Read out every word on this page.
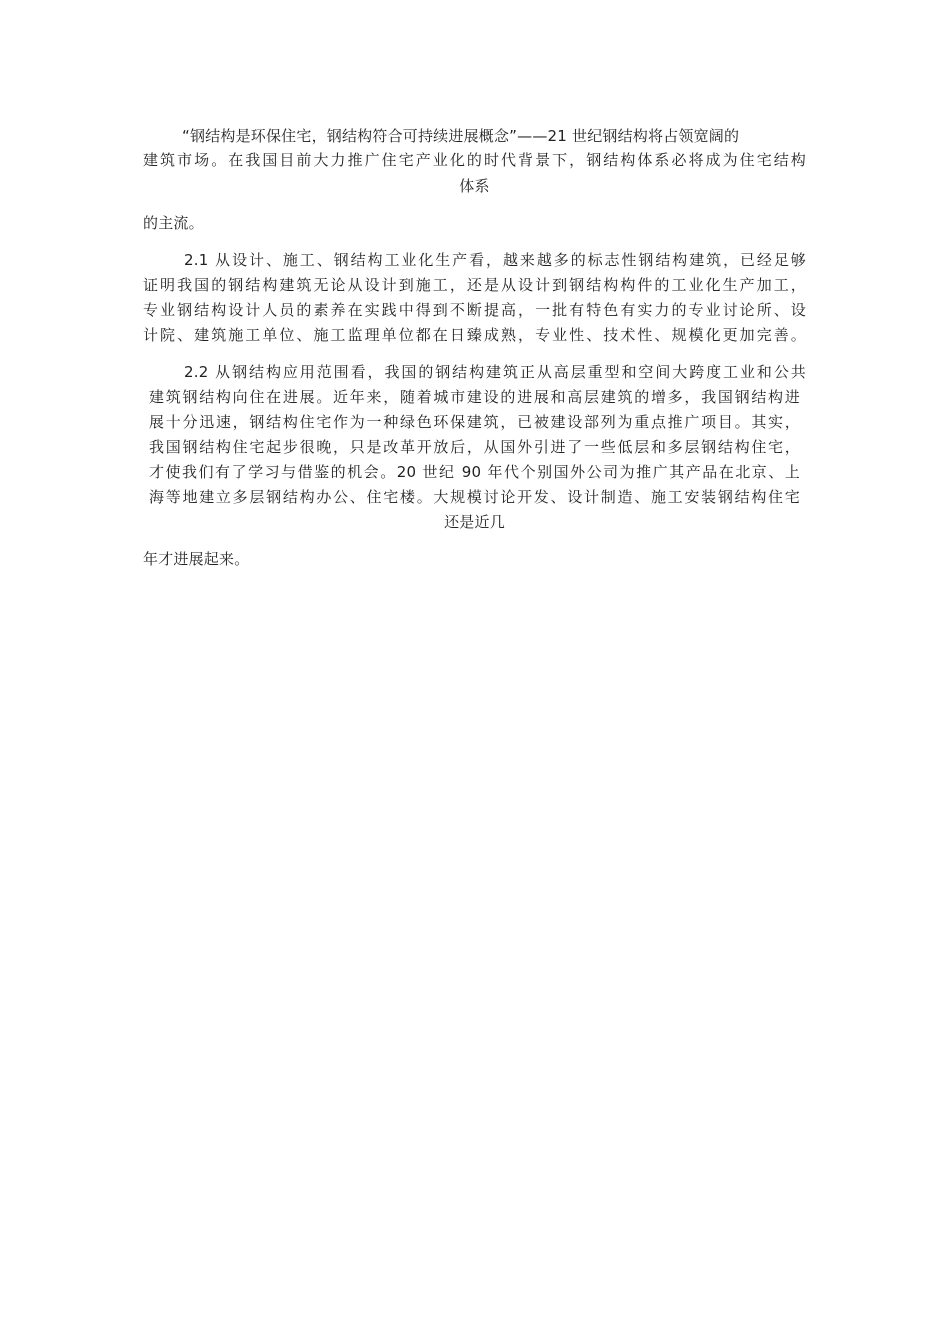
“钢结构是环保住宅，钢结构符合可持续进展概念”——21 世纪钢结构将占领宽阔的
建筑市场。在我国目前大力推广住宅产业化的时代背景下，钢结构体系必将成为住宅结构
体系
的主流。
2.1 从设计、施工、钢结构工业化生产看，越来越多的标志性钢结构建筑，已经足够
证明我国的钢结构建筑无论从设计到施工，还是从设计到钢结构构件的工业化生产加工，
专业钢结构设计人员的素养在实践中得到不断提高，一批有特色有实力的专业讨论所、设
计院、建筑施工单位、施工监理单位都在日臻成熟，专业性、技术性、规模化更加完善。
2.2 从钢结构应用范围看，我国的钢结构建筑正从高层重型和空间大跨度工业和公共
建筑钢结构向住在进展。近年来，随着城市建设的进展和高层建筑的增多，我国钢结构进
展十分迅速，钢结构住宅作为一种绿色环保建筑，已被建设部列为重点推广项目。其实，
我国钢结构住宅起步很晚，只是改革开放后，从国外引进了一些低层和多层钢结构住宅，
才使我们有了学习与借鉴的机会。20 世纪 90 年代个别国外公司为推广其产品在北京、上
海等地建立多层钢结构办公、住宅楼。大规模讨论开发、设计制造、施工安装钢结构住宅
还是近几
年才进展起来。
